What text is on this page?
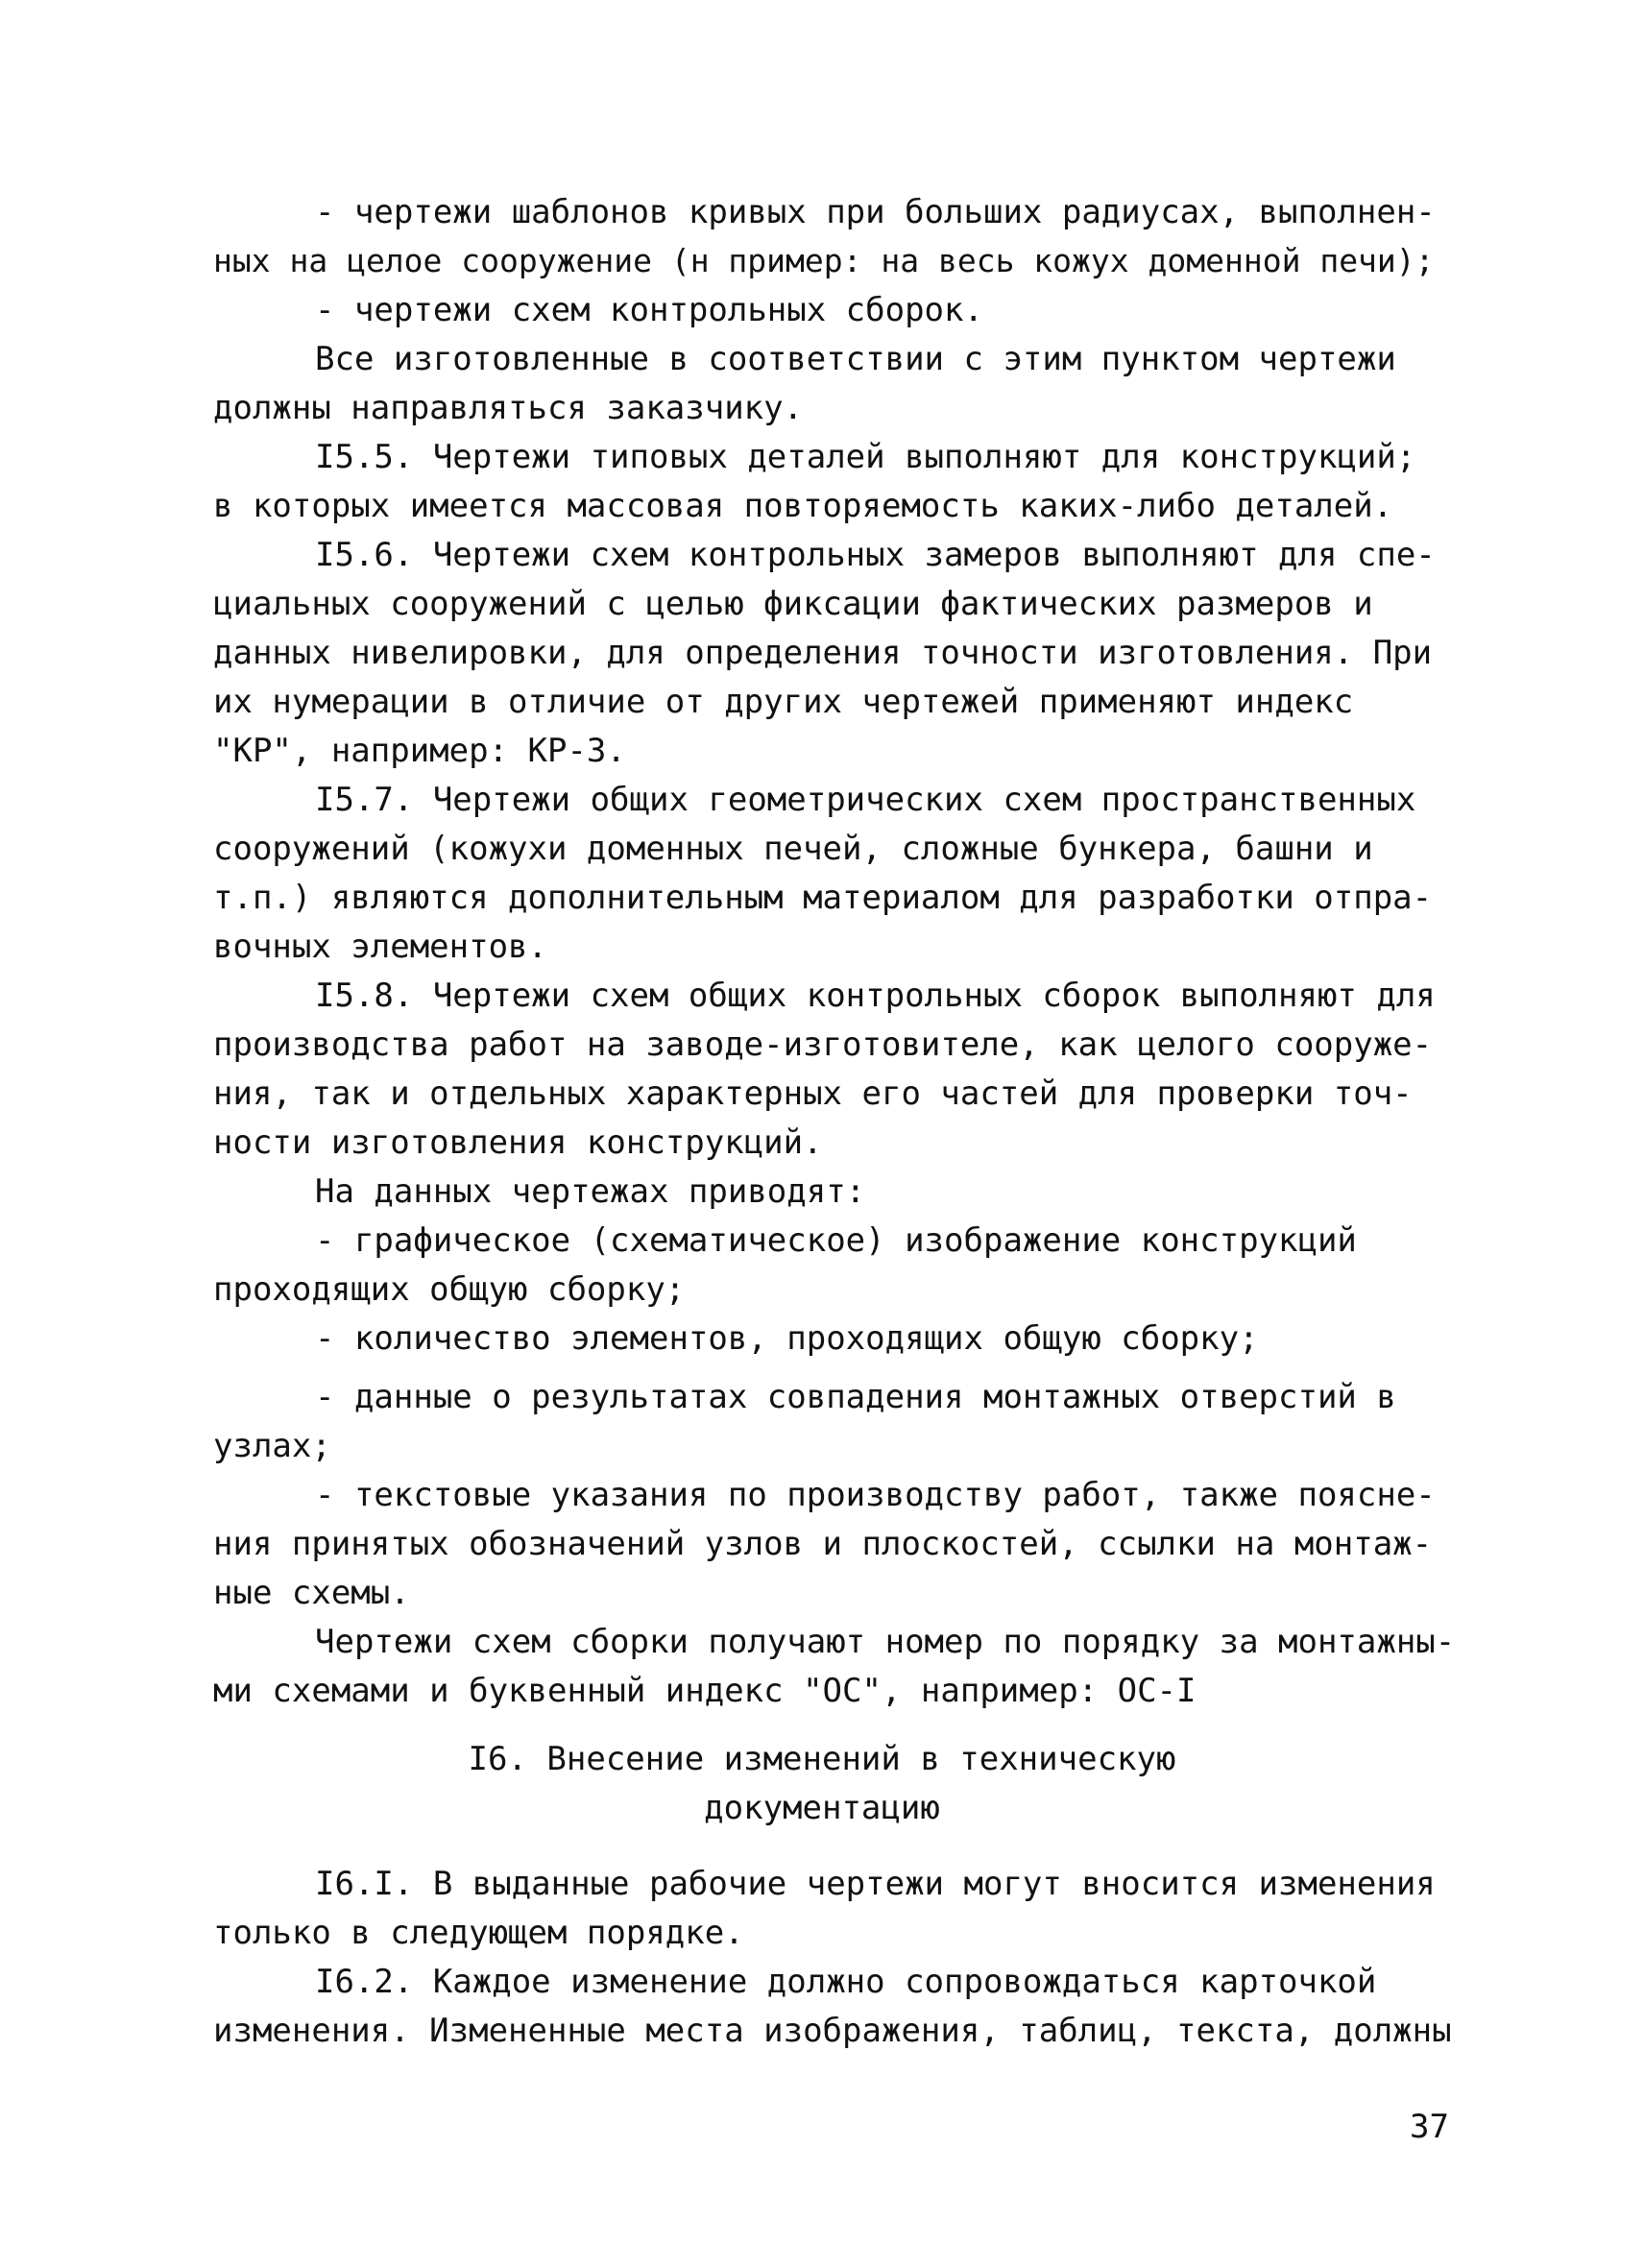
- чертежи шаблонов кривых при больших радиусах, выполнен-
ных на целое сооружение (н пример: на весь кожух доменной печи);
- чертежи схем контрольных сборок.
Все изготовленные в соответствии с этим пунктом чертежи
должны направляться заказчику.
I5.5. Чертежи типовых деталей выполняют для конструкций;
в которых имеется массовая повторяемость каких-либо деталей.
I5.6. Чертежи схем контрольных замеров выполняют для спе-
циальных сооружений с целью фиксации фактических размеров и
данных нивелировки, для определения точности изготовления. При
их нумерации в отличие от других чертежей применяют индекс
"КР", например: КР-3.
I5.7. Чертежи общих геометрических схем пространственных
сооружений (кожухи доменных печей, сложные бункера, башни и
т.п.) являются дополнительным материалом для разработки отпра-
вочных элементов.
I5.8. Чертежи схем общих контрольных сборок выполняют для
производства работ на заводе-изготовителе, как целого сооруже-
ния, так и отдельных характерных его частей для проверки точ-
ности изготовления конструкций.
На данных чертежах приводят:
- графическое (схематическое) изображение конструкций
проходящих общую сборку;
- количество элементов, проходящих общую сборку;
- данные о результатах совпадения монтажных отверстий в
узлах;
- текстовые указания по производству работ, также поясне-
ния принятых обозначений узлов и плоскостей, ссылки на монтаж-
ные схемы.
Чертежи схем сборки получают номер по порядку за монтажны-
ми схемами и буквенный индекс "ОС", например: ОС-I
I6. Внесение изменений в техническую
документацию
I6.I. В выданные рабочие чертежи могут вносится изменения
только в следующем порядке.
I6.2. Каждое изменение должно сопровождаться карточкой
изменения. Измененные места изображения, таблиц, текста, должны
37
